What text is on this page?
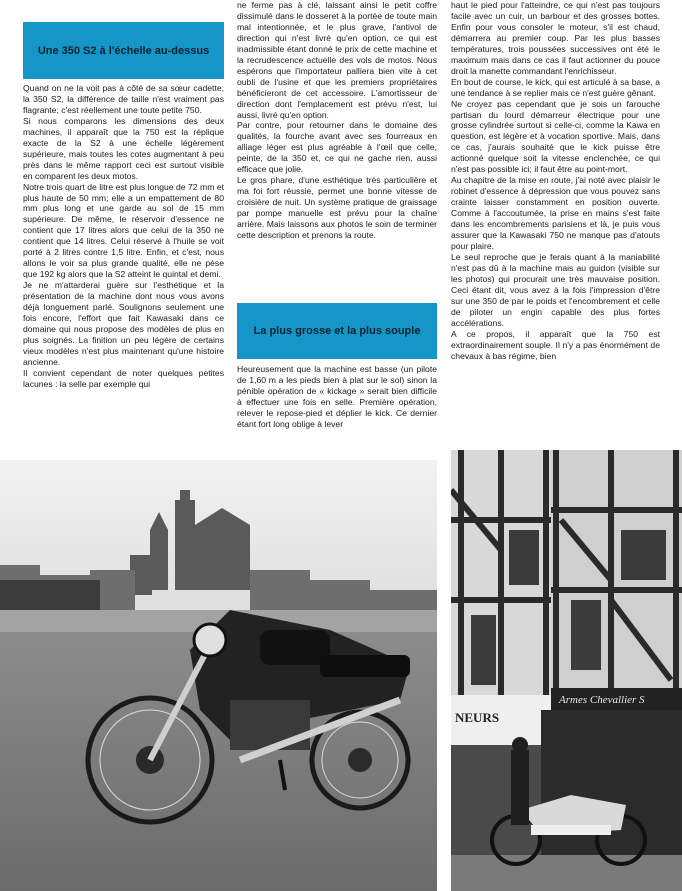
Une 350 S2 à l'échelle au-dessus

Quand on ne la voit pas à côté de sa sœur cadette, la 350 S2, la différence de taille n'est vraiment pas flagrante; c'est réellement une toute petite 750.

Si nous comparons les dimensions des deux machines, il apparaît que la 750 est la réplique exacte de la S2 à une échelle légèrement supérieure, mais toutes les cotes augmentant à peu près dans le même rapport ceci est surtout visible en comparent les deux motos.

Notre trois quart de litre est plus longue de 72 mm et plus haute de 50 mm; elle a un empattement de 80 mm plus long et une garde au sol de 15 mm supérieure. De même, le réservoir d'essence ne contient que 17 litres alors que celui de la 350 ne contient que 14 litres. Celui réservé à l'huile se voit porté à 2 litres contre 1,5 litre. Enfin, et c'est, nous allons le voir sa plus grande qualité, elle ne pèse que 192 kg alors que la S2 atteint le quintal et demi.

Je ne m'attarderai guère sur l'esthétique et la présentation de la machine dont nous vous avons déjà longuement parlé. Soulignons seulement une fois encore, l'effort que fait Kawasaki dans ce domaine qui nous propose des modèles de plus en plus soignés. La finition un peu légère de certains vieux modèles n'est plus maintenant qu'une histoire ancienne.

Il convient cependant de noter quelques petites lacunes : la selle par exemple qui

ne ferme pas à clé, laissant ainsi le petit coffre dissimulé dans le dosseret à la portée de toute main mal intentionnée, et le plus grave, l'antivol de direction qui n'est livré qu'en option, ce qui est inadmissible étant donné le prix de cette machine et la recrudescence actuelle des vols de motos. Nous espérons que l'importateur palliera bien vite à cet oubli de l'usine et que les premiers propriétaires bénéficieront de cet accessoire. L'amortisseur de direction dont l'emplacement est prévu n'est, lui aussi, livré qu'en option.

Par contre, pour retourner dans le domaine des qualités, la fourche avant avec ses fourreaux en alliage léger est plus agréable à l'œil que celle, peinte, de la 350 et, ce qui ne gache rien, aussi efficace que jolie.

Le gros phare, d'une esthétique très particulière et ma foi fort réussie, permet une bonne vitesse de croisière de nuit. Un système pratique de graissage par pompe manuelle est prévu pour la chaîne arrière. Mais laissons aux photos le soin de terminer cette description et prenons la route.

La plus grosse et la plus souple

Heureusement que la machine est basse (un pilote de 1,60 m a les pieds bien à plat sur le sol) sinon la pénible opération de « kickage » serait bien difficile à effectuer une fois en selle. Première opération, relever le repose-pied et déplier le kick. Ce dernier étant fort long oblige à lever

haut le pied pour l'atteindre, ce qui n'est pas toujours facile avec un cuir, un barbour et des grosses bottes. Enfin pour vous consoler le moteur, s'il est chaud, démarrera au premier coup. Par les plus basses températures, trois poussées successives ont été le maximum mais dans ce cas il faut actionner du pouce droit la manette commandant l'enrichisseur.

En bout de course, le kick, qui est articulé à sa base, a une tendance à se replier mais ce n'est guère gênant.

Ne croyez pas cependant que je sois un farouche partisan du lourd démarreur électrique pour une grosse cylindrée surtout si celle-ci, comme la Kawa en question, est légère et à vocation sportive. Mais, dans ce cas, j'aurais souhaité que le kick puisse être actionné quelque soit la vitesse enclenchée, ce qui n'est pas possible ici; il faut être au point-mort.

Au chapitre de la mise en route, j'ai noté avec plaisir le robinet d'essence à dépression que vous pouvez sans crainte laisser constamment en position ouverte. Comme à l'accoutumée, la prise en mains s'est faite dans les encombrements parisiens et là, je puis vous assurer que la Kawasaki 750 ne manque pas d'atouts pour plaire.

Le seul reproche que je ferais quant à la maniabilité n'est pas dû à la machine mais au guidon (visible sur les photos) qui procurait une très mauvaise position. Ceci étant dit, vous avez à la fois l'impression d'être sur une 350 de par le poids et l'encombrement et celle de piloter un engin capable des plus fortes accélérations.

A ce propos, il apparaît que la 750 est extraordinairement souple. Il n'y a pas énormément de chevaux à bas régime, bien

Armes Chevallier S
NEURS
